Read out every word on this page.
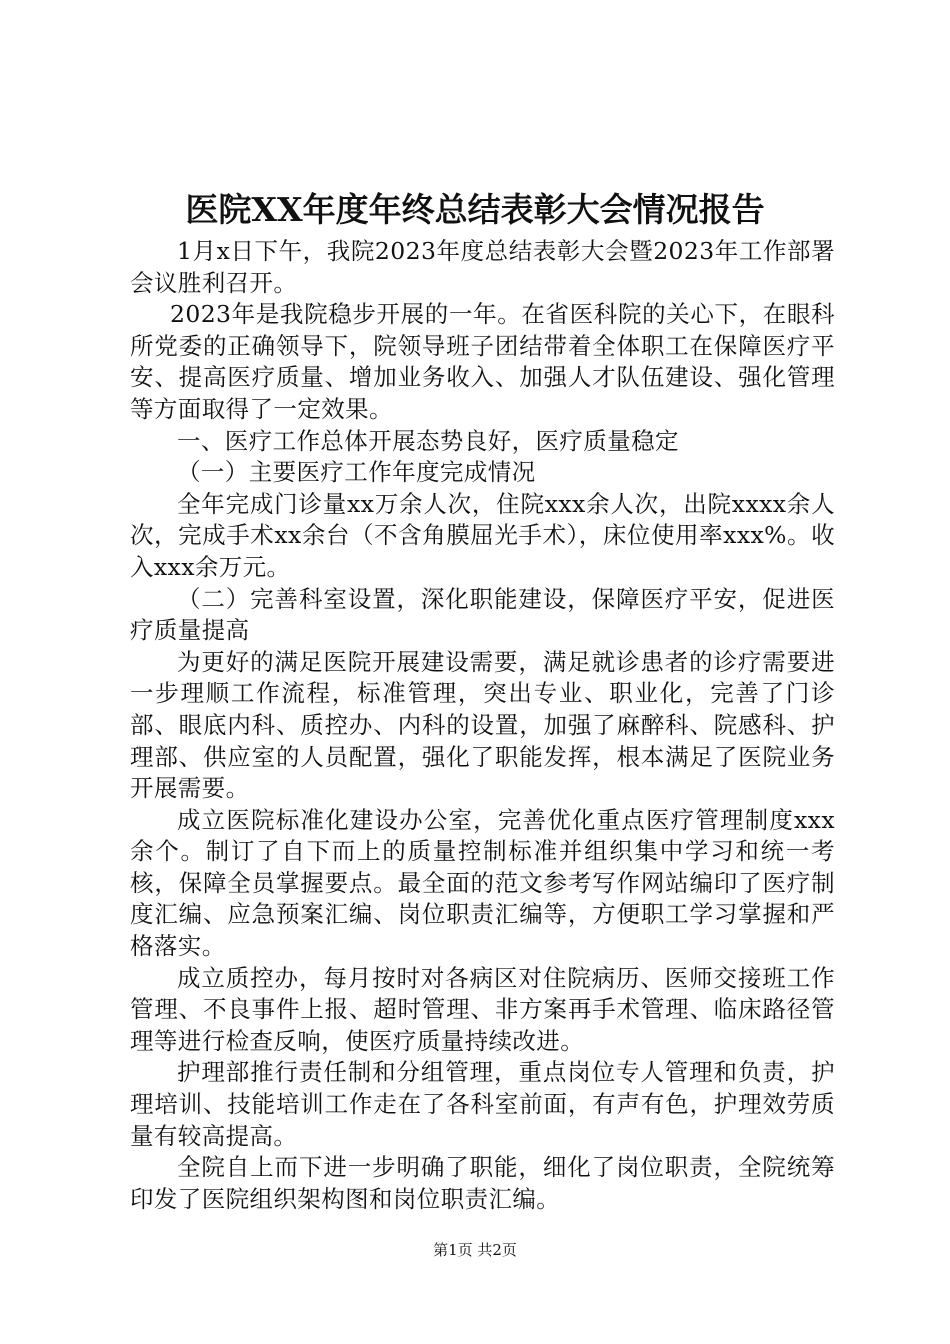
医院XX年度年终总结表彰大会情况报告

1月x日下午，我院2023年度总结表彰大会暨2023年工作部署会议胜利召开。

2023年是我院稳步开展的一年。在省医科院的关心下，在眼科所党委的正确领导下，院领导班子团结带着全体职工在保障医疗平安、提高医疗质量、增加业务收入、加强人才队伍建设、强化管理等方面取得了一定效果。

一、医疗工作总体开展态势良好，医疗质量稳定

（一）主要医疗工作年度完成情况

全年完成门诊量xx万余人次，住院xxx余人次，出院xxxx余人次，完成手术xx余台（不含角膜屈光手术），床位使用率xxx%。收入xxx余万元。

（二）完善科室设置，深化职能建设，保障医疗平安，促进医疗质量提高

为更好的满足医院开展建设需要，满足就诊患者的诊疗需要进一步理顺工作流程，标准管理，突出专业、职业化，完善了门诊部、眼底内科、质控办、内科的设置，加强了麻醉科、院感科、护理部、供应室的人员配置，强化了职能发挥，根本满足了医院业务开展需要。

成立医院标准化建设办公室，完善优化重点医疗管理制度xxx余个。制订了自下而上的质量控制标准并组织集中学习和统一考核，保障全员掌握要点。最全面的范文参考写作网站编印了医疗制度汇编、应急预案汇编、岗位职责汇编等，方便职工学习掌握和严格落实。

成立质控办，每月按时对各病区对住院病历、医师交接班工作管理、不良事件上报、超时管理、非方案再手术管理、临床路径管理等进行检查反响，使医疗质量持续改进。

护理部推行责任制和分组管理，重点岗位专人管理和负责，护理培训、技能培训工作走在了各科室前面，有声有色，护理效劳质量有较高提高。

全院自上而下进一步明确了职能，细化了岗位职责，全院统筹印发了医院组织架构图和岗位职责汇编。

第1页 共2页
